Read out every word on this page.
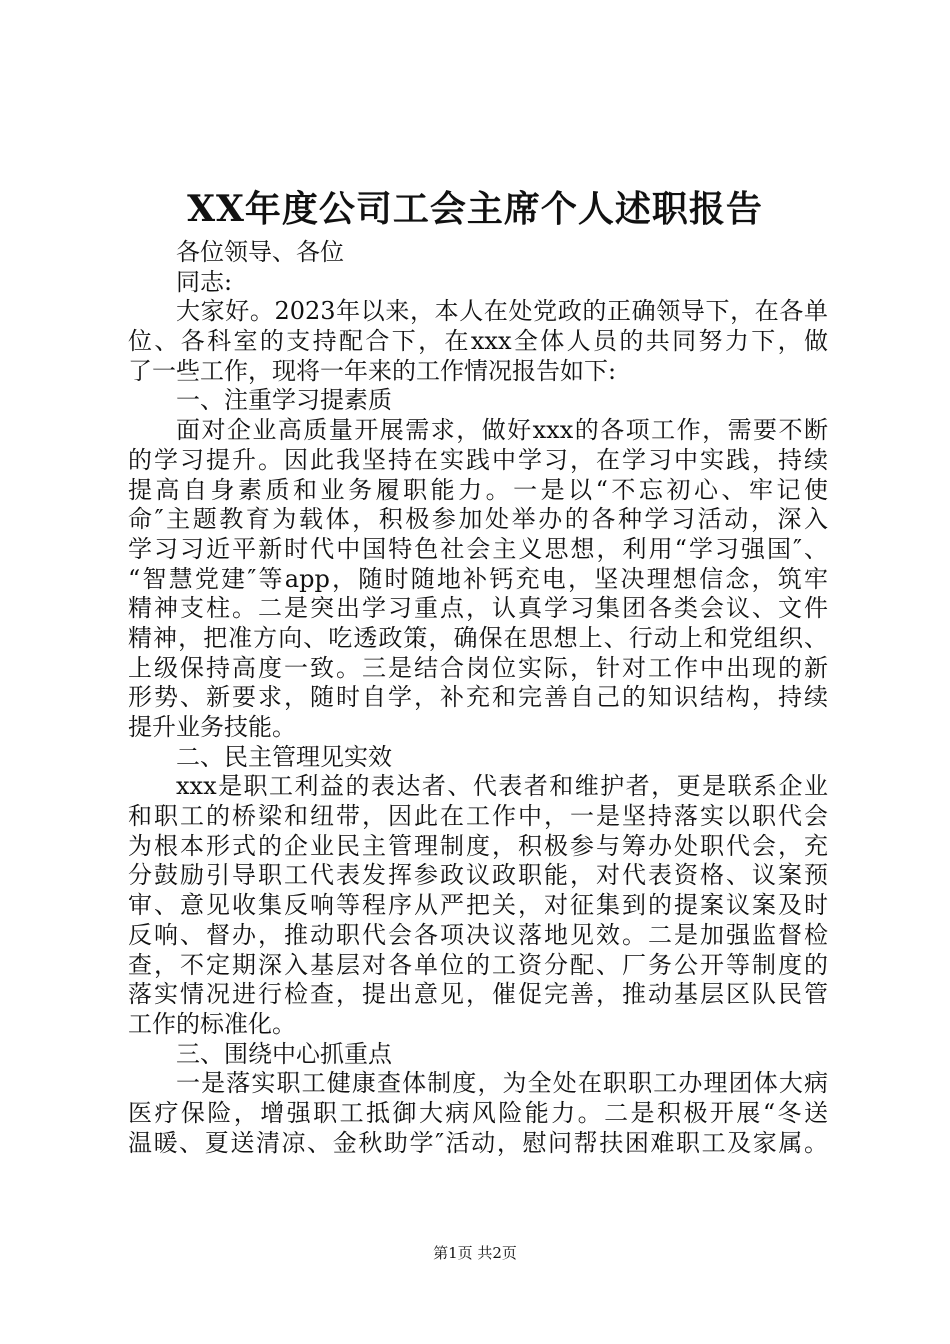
XX年度公司工会主席个人述职报告
各位领导、各位
同志:
大家好。2023年以来，本人在处党政的正确领导下，在各单
位、各科室的支持配合下，在xxx全体人员的共同努力下，做
了一些工作，现将一年来的工作情况报告如下:
一、注重学习提素质
面对企业高质量开展需求，做好xxx的各项工作，需要不断
的学习提升。因此我坚持在实践中学习，在学习中实践，持续
提高自身素质和业务履职能力。一是以“不忘初心、牢记使
命″主题教育为载体，积极参加处举办的各种学习活动，深入
学习习近平新时代中国特色社会主义思想，利用“学习强国″、
“智慧党建″等app，随时随地补钙充电，坚决理想信念，筑牢
精神支柱。二是突出学习重点，认真学习集团各类会议、文件
精神，把准方向、吃透政策，确保在思想上、行动上和党组织、
上级保持高度一致。三是结合岗位实际，针对工作中出现的新
形势、新要求，随时自学，补充和完善自己的知识结构，持续
提升业务技能。
二、民主管理见实效
xxx是职工利益的表达者、代表者和维护者，更是联系企业
和职工的桥梁和纽带，因此在工作中，一是坚持落实以职代会
为根本形式的企业民主管理制度，积极参与筹办处职代会，充
分鼓励引导职工代表发挥参政议政职能，对代表资格、议案预
审、意见收集反响等程序从严把关，对征集到的提案议案及时
反响、督办，推动职代会各项决议落地见效。二是加强监督检
查，不定期深入基层对各单位的工资分配、厂务公开等制度的
落实情况进行检查，提出意见，催促完善，推动基层区队民管
工作的标准化。
三、围绕中心抓重点
一是落实职工健康查体制度，为全处在职职工办理团体大病
医疗保险，增强职工抵御大病风险能力。二是积极开展“冬送
温暖、夏送清凉、金秋助学″活动，慰问帮扶困难职工及家属。
第1页 共2页
